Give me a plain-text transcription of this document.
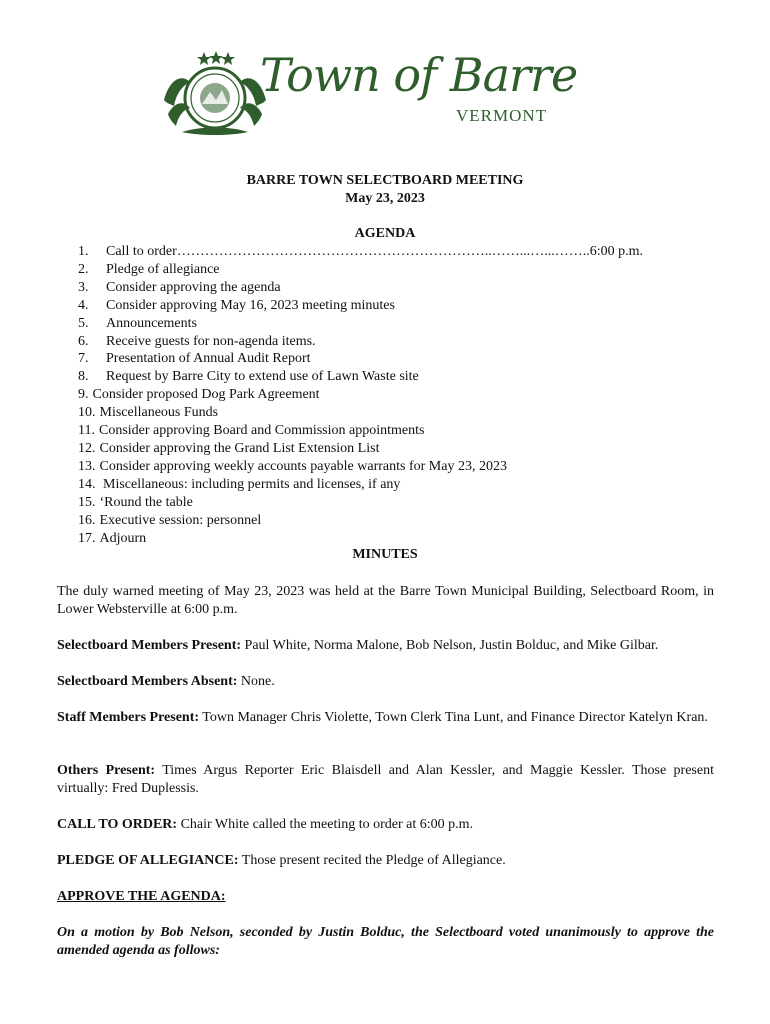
Town of Barre
VERMONT
BARRE TOWN SELECTBOARD MEETING
May 23, 2023
AGENDA
1. Call to order…………………………………………………………..……...…...……..6:00 p.m.
2. Pledge of allegiance
3. Consider approving the agenda
4. Consider approving May 16, 2023 meeting minutes
5. Announcements
6. Receive guests for non-agenda items.
7. Presentation of Annual Audit Report
8. Request by Barre City to extend use of Lawn Waste site
9. Consider proposed Dog Park Agreement
10. Miscellaneous Funds
11. Consider approving Board and Commission appointments
12. Consider approving the Grand List Extension List
13. Consider approving weekly accounts payable warrants for May 23, 2023
14. Miscellaneous: including permits and licenses, if any
15. ‘Round the table
16. Executive session: personnel
17. Adjourn
MINUTES

The duly warned meeting of May 23, 2023 was held at the Barre Town Municipal Building, Selectboard Room, in Lower Websterville at 6:00 p.m.

Selectboard Members Present: Paul White, Norma Malone, Bob Nelson, Justin Bolduc, and Mike Gilbar.

Selectboard Members Absent: None.

Staff Members Present: Town Manager Chris Violette, Town Clerk Tina Lunt, and Finance Director Katelyn Kran.

Others Present: Times Argus Reporter Eric Blaisdell and Alan Kessler, and Maggie Kessler. Those present virtually: Fred Duplessis.

CALL TO ORDER: Chair White called the meeting to order at 6:00 p.m.

PLEDGE OF ALLEGIANCE: Those present recited the Pledge of Allegiance.

APPROVE THE AGENDA:

On a motion by Bob Nelson, seconded by Justin Bolduc, the Selectboard voted unanimously to approve the amended agenda as follows:
